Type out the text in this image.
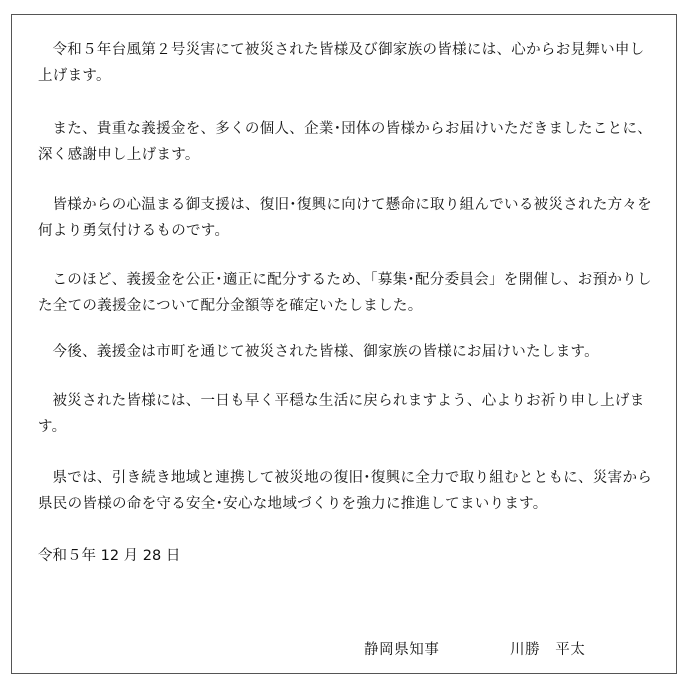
令和５年台風第２号災害にて被災された皆様及び御家族の皆様には、心からお見舞い申し上げます。

また、貴重な義援金を、多くの個人、企業･団体の皆様からお届けいただきましたことに、深く感謝申し上げます。

皆様からの心温まる御支援は、復旧･復興に向けて懸命に取り組んでいる被災された方々を何より勇気付けるものです。

このほど、義援金を公正･適正に配分するため、「募集･配分委員会」を開催し、お預かりした全ての義援金について配分金額等を確定いたしました。

今後、義援金は市町を通じて被災された皆様、御家族の皆様にお届けいたします。

被災された皆様には、一日も早く平穏な生活に戻られますよう、心よりお祈り申し上げます。

県では、引き続き地域と連携して被災地の復旧･復興に全力で取り組むとともに、災害から県民の皆様の命を守る安全･安心な地域づくりを強力に推進してまいります。

令和５年 12 月 28 日

静岡県知事	川勝　平太
